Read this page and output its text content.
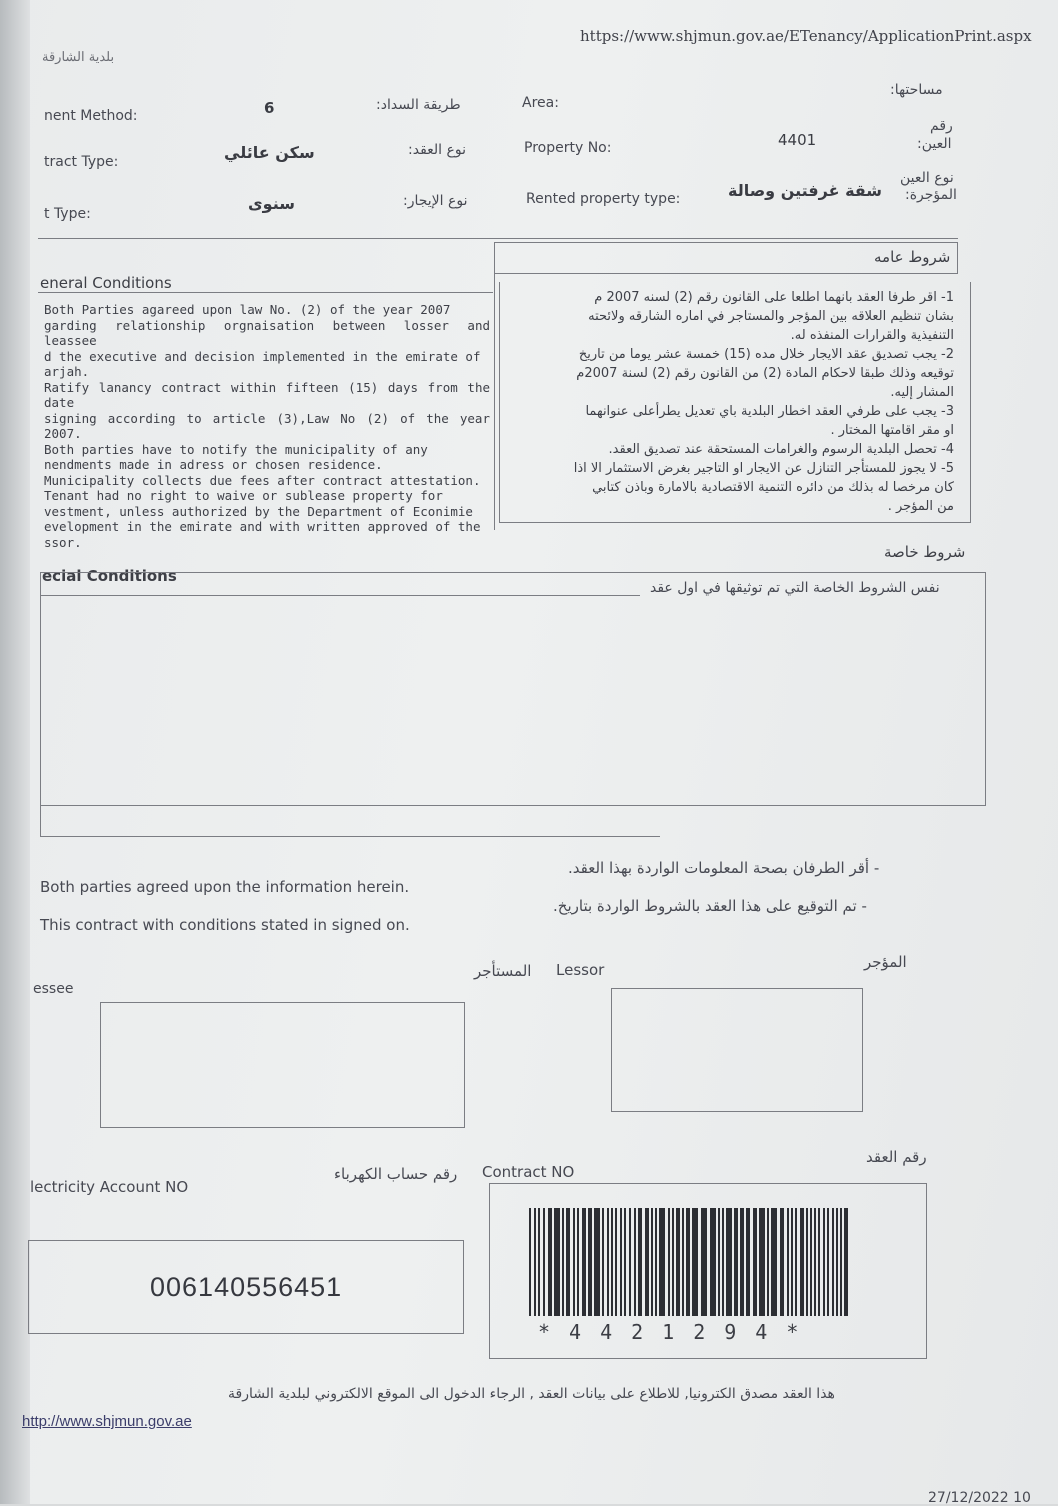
بلدية الشارقة
https://www.shjmun.gov.ae/ETenancy/ApplicationPrint.aspx
nent Method:	6	طريقة السداد:	Area:
مساحتها:
tract Type:	سكن عائلي	نوع العقد:	Property No:	4401
رقم
العين:
t Type:
سنوى	نوع الإيجار:	Rented property type:	شقة غرفتين وصالة
نوع العين
المؤجرة:
eneral Conditions
شروط عامه
Both Parties agareed upon law No. (2) of the year 2007
garding relationship orgnaisation between losser and leassee
d the executive and decision implemented in the emirate of
arjah.
Ratify lanancy contract within fifteen (15) days from the date
signing according to article (3),Law No (2) of the year 2007.
Both parties have to notify the municipality of any
nendments made in adress or chosen residence.
Municipality collects due fees after contract attestation.
Tenant had no right to waive or sublease property for
vestment, unless authorized by the Department of Econimie
evelopment in the emirate and with written approved of the
ssor.
1- اقر طرفا العقد بانهما اطلعا على القانون رقم (2) لسنه 2007 م
بشان تنظيم العلاقه بين المؤجر والمستاجر في اماره الشارقه ولائحته
التنفيذية والقرارات المنفذه له.
2- يجب تصديق عقد الايجار خلال مده (15) خمسة عشر يوما من تاريخ
توقيعه وذلك طبقا لاحكام المادة (2) من القانون رقم (2) لسنة 2007م
المشار إليه.
3- يجب على طرفي العقد اخطار البلدية باي تعديل يطرأعلى عنوانهما
او مقر اقامتها المختار .
4- تحصل البلدية الرسوم والغرامات المستحقة عند تصديق العقد.
5- لا يجوز للمستأجر التنازل عن الايجار او التاجير بغرض الاستثمار الا اذا
كان مرخصا له بذلك من دائره التنمية الاقتصادية بالامارة وباذن كتابي
من المؤجر .
شروط خاصة
ecial Conditions
نفس الشروط الخاصة التي تم توثيقها في اول عقد
Both parties agreed upon the information herein.
This contract with conditions stated in signed on.
- أقر الطرفان بصحة المعلومات الواردة بهذا العقد.
- تم التوقيع على هذا العقد بالشروط الواردة بتاريخ.
المستأجر Lessor	المؤجر
essee
رقم العقد
رقم حساب الكهرباء Contract NO
lectricity Account NO
006140556451
*4421294*
هذا العقد مصدق الكترونيا, للاطلاع على بيانات العقد , الرجاء الدخول الى الموقع الالكتروني لبلدية الشارقة
http://www.shjmun.gov.ae
27/12/2022 10
